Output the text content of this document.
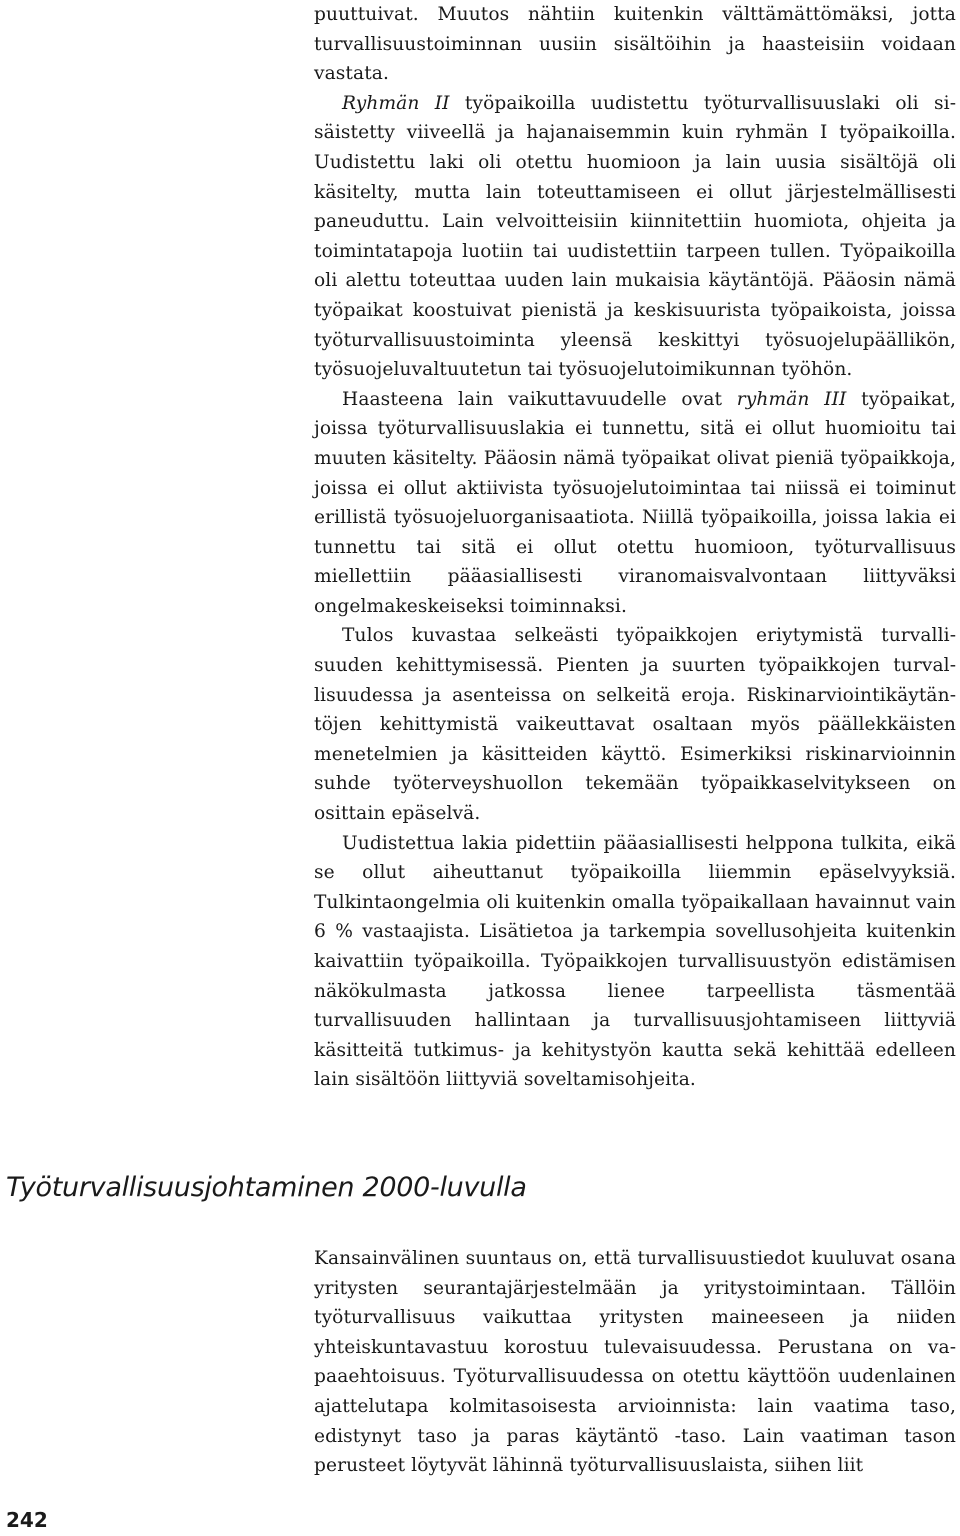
puuttuivat. Muutos nähtiin kuitenkin välttämättömäksi, jotta turvallisuustoiminnan uusiin sisältöihin ja haasteisiin voidaan vastata.

Ryhmän II työpaikoilla uudistettu työturvallisuuslaki oli sisäistetty viiveellä ja hajanaisemmin kuin ryhmän I työpaikoilla. Uudistettu laki oli otettu huomioon ja lain uusia sisältöjä oli käsitelty, mutta lain toteuttamiseen ei ollut järjestelmällisesti paneuduttu. Lain velvoitteisiin kiinnitettiin huomiota, ohjeita ja toimintatapoja luotiin tai uudistettiin tarpeen tullen. Työpaikoilla oli alettu toteuttaa uuden lain mukaisia käytäntöjä. Pääosin nämä työpaikat koostuivat pienistä ja keskisuurista työpaikoista, joissa työturvallisuustoiminta yleensä keskittyi työsuojelupäällikön, työsuojeluvaltuutetun tai työsuojelutoimikunnan työhön.

Haasteena lain vaikuttavuudelle ovat ryhmän III työpaikat, joissa työturvallisuuslakia ei tunnettu, sitä ei ollut huomioitu tai muuten käsitelty. Pääosin nämä työpaikat olivat pieniä työpaikkoja, joissa ei ollut aktiivista työsuojelutoimintaa tai niissä ei toiminut erillistä työsuojeluorganisaatiota. Niillä työpaikoilla, joissa lakia ei tunnettu tai sitä ei ollut otettu huomioon, työturvallisuus miellettiin pääasiallisesti viranomaisvalvontaan liittyväksi ongelmakeskeiseksi toiminnaksi.

Tulos kuvastaa selkeästi työpaikkojen eriytymistä turvallisuuden kehittymisessä. Pienten ja suurten työpaikkojen turvallisuudessa ja asenteissa on selkeitä eroja. Riskinarviointikäytäntöjen kehittymistä vaikeuttavat osaltaan myös päällekkäisten menetelmien ja käsitteiden käyttö. Esimerkiksi riskinarvioinnin suhde työterveyshuollon tekemään työpaikkaselvitykseen on osittain epäselvä.

Uudistettua lakia pidettiin pääasiallisesti helppona tulkita, eikä se ollut aiheuttanut työpaikoilla liiemmin epäselvyyksiä. Tulkintaongelmia oli kuitenkin omalla työpaikallaan havainnut vain 6 % vastaajista. Lisätietoa ja tarkempia sovellusohjeita kuitenkin kaivattiin työpaikoilla. Työpaikkojen turvallisuustyön edistämisen näkökulmasta jatkossa lienee tarpeellista täsmentää turvallisuuden hallintaan ja turvallisuusjohtamiseen liittyviä käsitteitä tutkimus- ja kehitystyön kautta sekä kehittää edelleen lain sisältöön liittyviä soveltamisohjeita.

Työturvallisuusjohtaminen 2000-luvulla

Kansainvälinen suuntaus on, että turvallisuustiedot kuuluvat osana yritysten seurantajärjestelmään ja yritystoimintaan. Tällöin työturvallisuus vaikuttaa yritysten maineeseen ja niiden yhteiskuntavastuu korostuu tulevaisuudessa. Perustana on vapaaehtoisuus. Työturvallisuudessa on otettu käyttöön uudenlainen ajattelutapa kolmitasoisesta arvioinnista: lain vaatima taso, edistynyt taso ja paras käytäntö -taso. Lain vaatiman tason perusteet löytyvät lähinnä työturvallisuuslaista, siihen liit

242
